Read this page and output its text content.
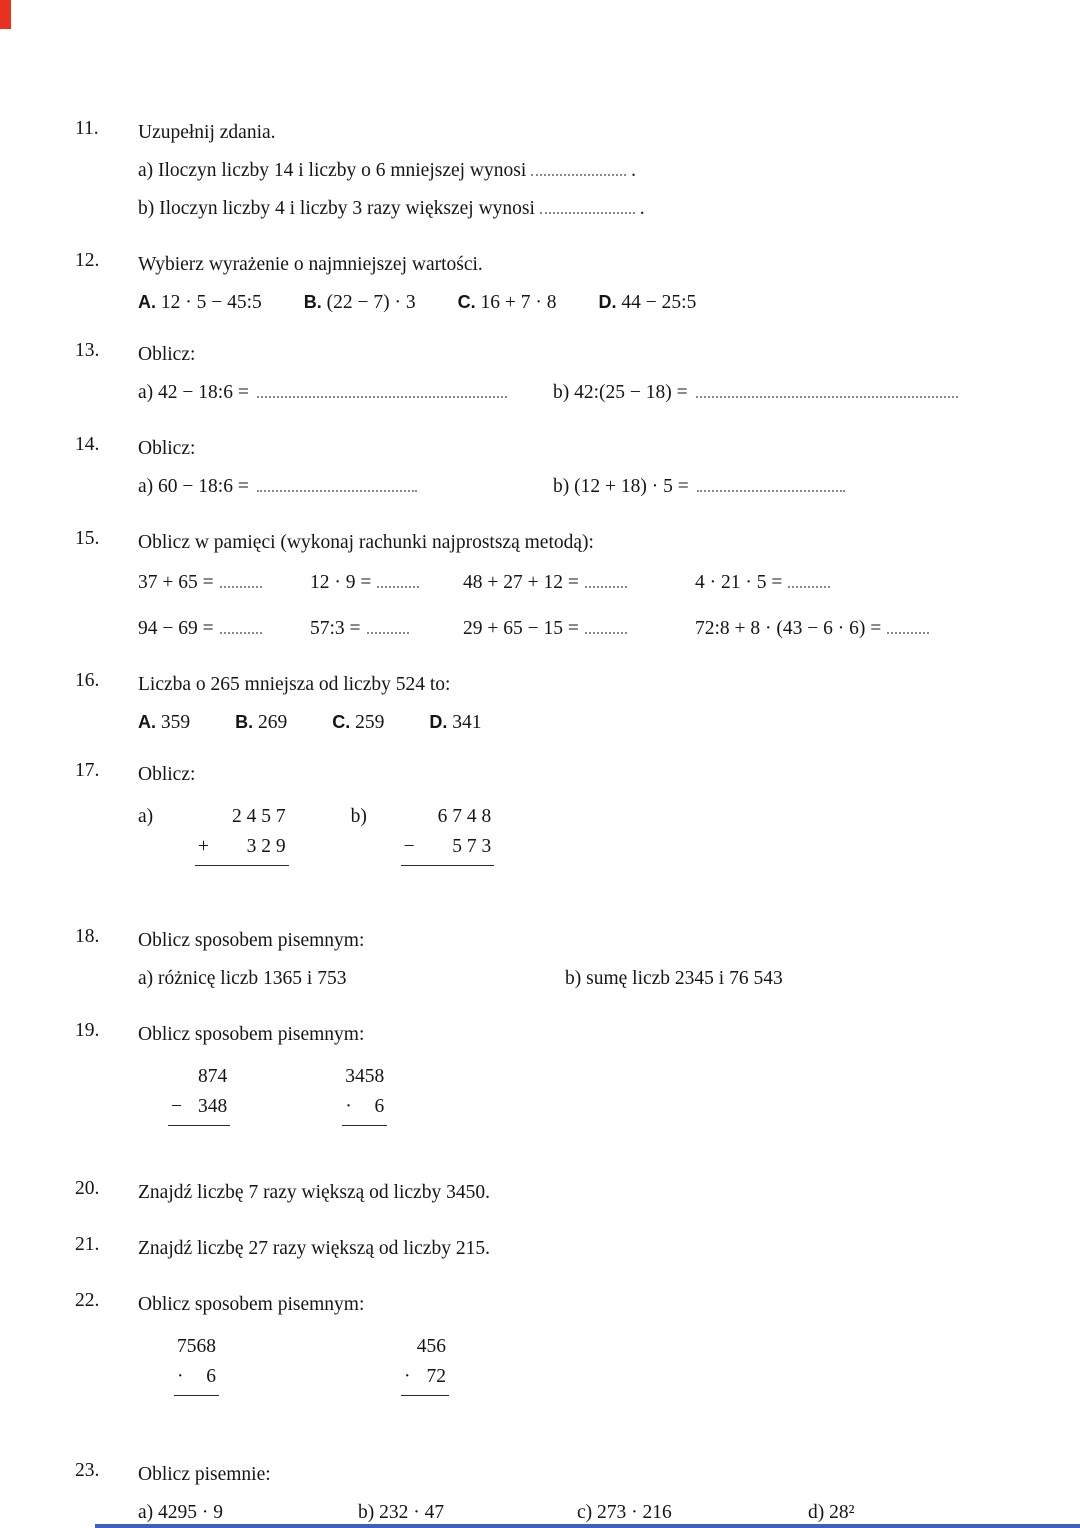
11.	Uzupełnij zdania.
a) Iloczyn liczby 14 i liczby o 6 mniejszej wynosi	.
b) Iloczyn liczby 4 i liczby 3 razy większej wynosi	.
12.	Wybierz wyrażenie o najmniejszej wartości.
A. 12 · 5 − 45:5 B. (22 − 7) · 3 C. 16 + 7 · 8 D. 44 − 25:5
13.	Oblicz:
a) 42 − 18:6 =	b) 42:(25 − 18) =
14.	Oblicz:
a) 60 − 18:6 =	b) (12 + 18) · 5 =
15.	Oblicz w pamięci (wykonaj rachunki najprostszą metodą):
37 + 65 =	12 · 9 =	48 + 27 + 12 =	4 · 21 · 5 =
94 − 69 =	57:3 =	29 + 65 − 15 =	72:8 + 8 · (43 − 6 · 6) =
16.	Liczba o 265 mniejsza od liczby 524 to:
A. 359	B. 269	C. 259	D. 341
17.	Oblicz:
a)	2 4 5 7
+ 3 2 9
b)	6 7 4 8
− 5 7 3
18.	Oblicz sposobem pisemnym:
a) różnicę liczb 1365 i 753	b) sumę liczb 2345 i 76 543
19.	Oblicz sposobem pisemnym:
874
− 348
3458
· 6
20.	Znajdź liczbę 7 razy większą od liczby 3450.
21.	Znajdź liczbę 27 razy większą od liczby 215.
22.	Oblicz sposobem pisemnym:
7568
· 6
456
· 72
23.	Oblicz pisemnie:
a) 4295 · 9	b) 232 · 47	c) 273 · 216	d) 28²
